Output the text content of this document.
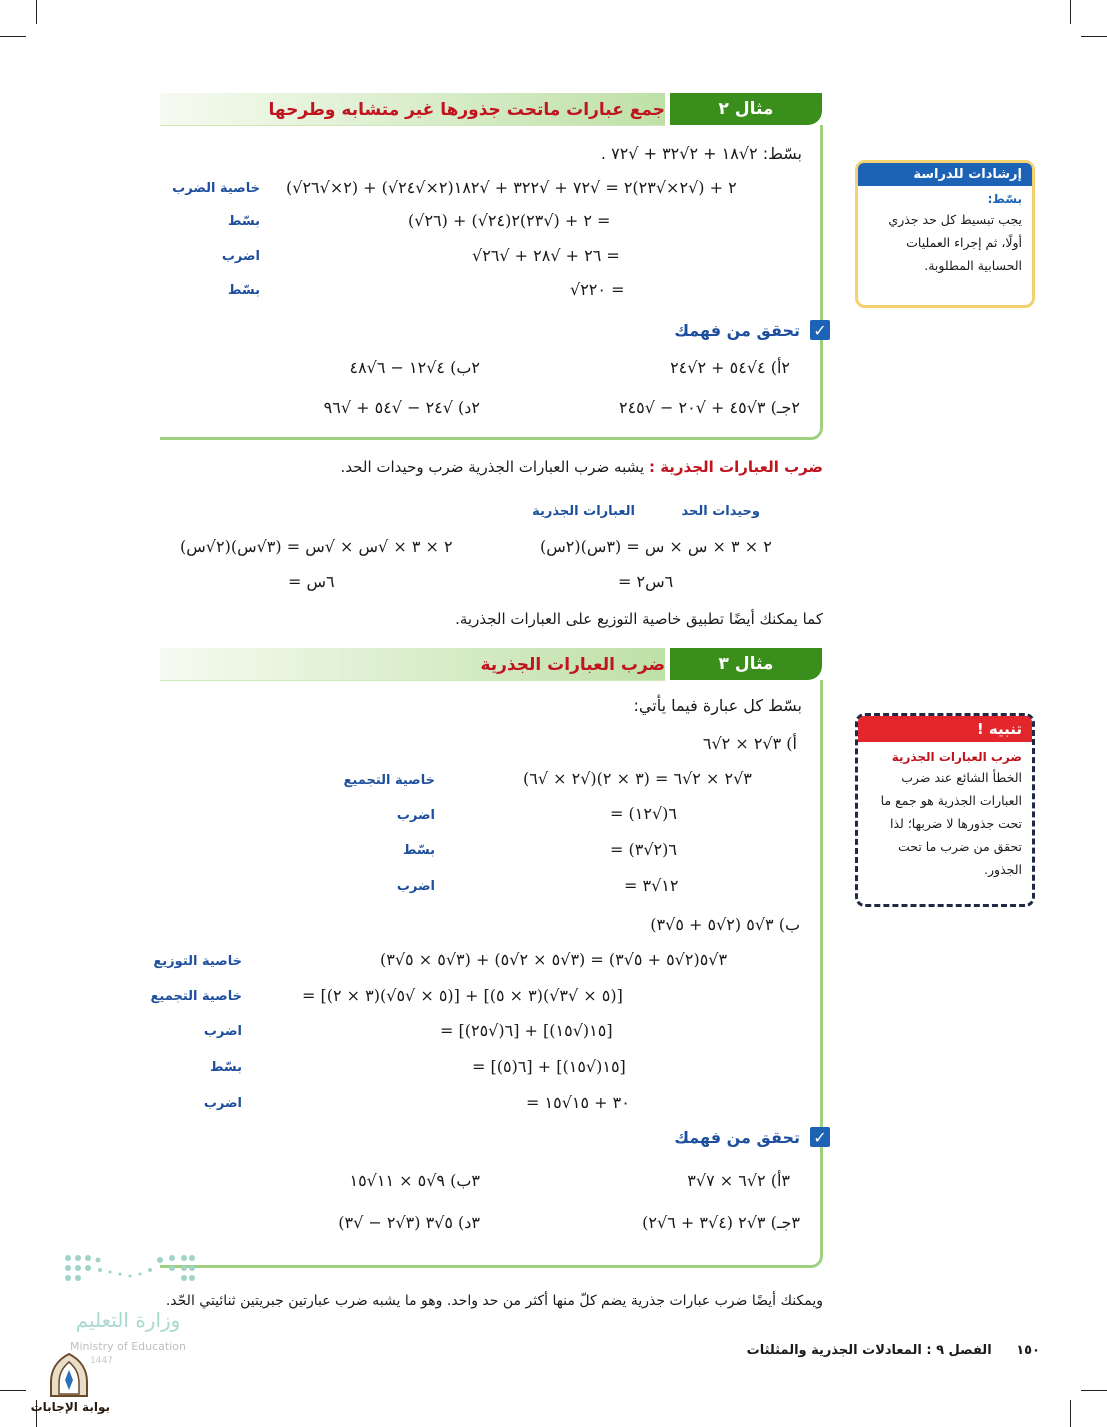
جمع عبارات ماتحت جذورها غير متشابه وطرحها	مثال ٢
بسّط: ٢√١٨ + ٢√٣٢ + √٧٢ .
(√٢×√٢٦) + (√٢×√٢٤)٢ + (√٢×√٢٣)٢ = √٧٢ + √٣٢٢ + √١٨٢
خاصية الضرب
(√٢٦) + (√٢٤)٢ + (√٢٣)٢ =
بسّط
√٢٦ + √٢٨ + √٢٦ =
اضرب
√٢٢٠ =
بسّط
✓
تحقق من فهمك
٢أ) ٤√٥٤ + ٢√٢٤
٢ب) ٤√١٢ − ٦√٤٨
٢جـ) ٣√٤٥ + √٢٠ − √٢٤٥
٢د) √٢٤ − √٥٤ + √٩٦
إرشادات للدراسة
بسّط:
يجب تبسيط كل حد جذري أولًا، ثم إجراء العمليات الحسابية المطلوبة.
ضرب العبارات الجذرية : يشبه ضرب العبارات الجذرية ضرب وحيدات الحد.
وحيدات الحد
العبارات الجذرية
(٢س)(٣س) = ٢ × ٣ × س × س
= ٦س٢
(٢√س)(٣√س) = ٢ × ٣ × √س × √س
= ٦س
كما يمكنك أيضًا تطبيق خاصية التوزيع على العبارات الجذرية.
ضرب العبارات الجذرية	مثال ٣
بسّط كل عبارة فيما يأتي:
أ) ٣√٢ × ٢√٦
٣√٢ × ٢√٦ = (٣ × ٢)(√٢ × √٦)
خاصية التجميع
= ٦(√١٢)
اضرب
= ٦(٢√٣)
بسّط
= ١٢√٣
اضرب
ب) ٣√٥ (٢√٥ + ٥√٣)
٣√٥(٢√٥ + ٥√٣) = (٣√٥ × ٢√٥) + (٣√٥ × ٥√٣)
خاصية التوزيع
= [(٣ × ٢)(√٥ × √٥)] + [(٣ × ٥)(√٥ × √٣)]
خاصية التجميع
= [٦(√٢٥)] + [١٥(√١٥)]
اضرب
= [٦(٥)] + [١٥(√١٥)]
بسّط
= ٣٠ + ١٥√١٥
اضرب
✓
تحقق من فهمك
٣أ) ٢√٦ × ٧√٣
٣ب) ٩√٥ × ١١√١٥
٣جـ) ٣√٢ (٤√٣ + ٦√٢)
٣د) ٥√٣ (٣√٢ − √٣)
تنبيه !
ضرب العبارات الجذرية
الخطأ الشائع عند ضرب العبارات الجذرية هو جمع ما تحت جذورها لا ضربها؛ لذا تحقق من ضرب ما تحت الجذور.
ويمكنك أيضًا ضرب عبارات جذرية يضم كلّ منها أكثر من حد واحد. وهو ما يشبه ضرب عبارتين جبريتين ثنائيتي الحّد.
١٥٠ الفصل ٩ : المعادلات الجذرية والمثلثات
وزارة التعليم
Ministry of Education
1447
بوابة الإجابات
